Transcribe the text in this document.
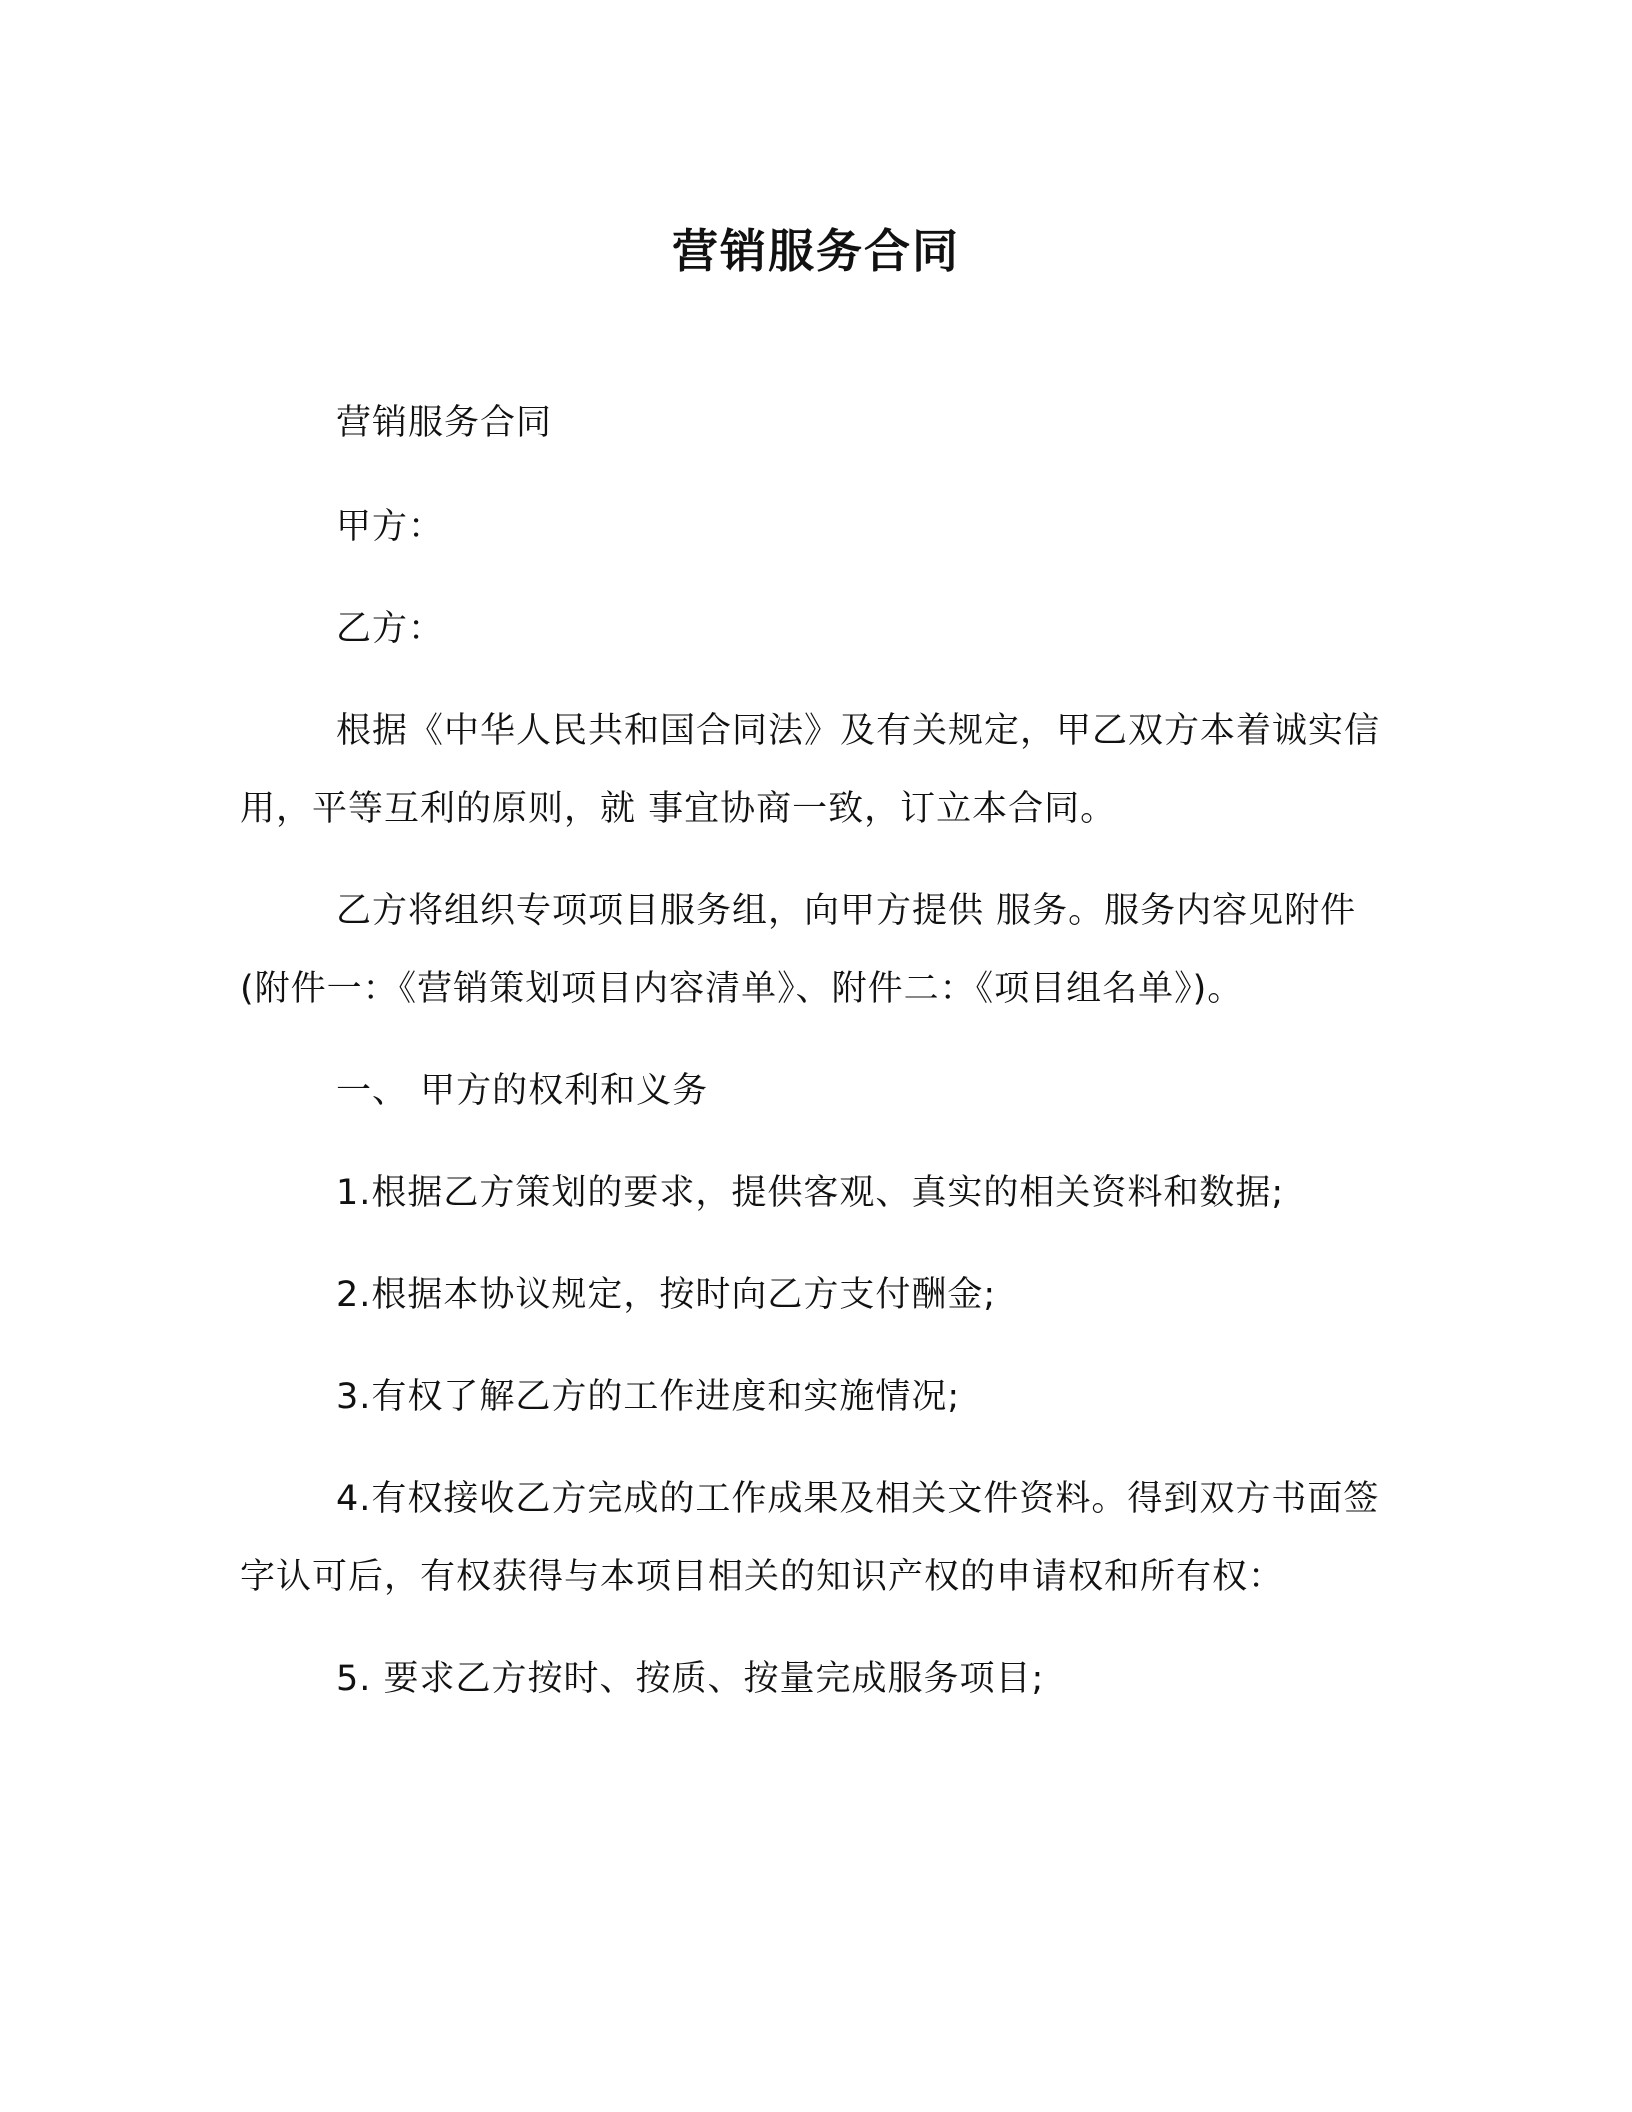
营销服务合同

营销服务合同

甲方：

乙方：

根据《中华人民共和国合同法》及有关规定，甲乙双方本着诚实信用，平等互利的原则，就 事宜协商一致，订立本合同。

乙方将组织专项项目服务组，向甲方提供 服务。服务内容见附件(附件一：《营销策划项目内容清单》、附件二：《项目组名单》)。

一、 甲方的权利和义务

1.根据乙方策划的要求，提供客观、真实的相关资料和数据;

2.根据本协议规定，按时向乙方支付酬金;

3.有权了解乙方的工作进度和实施情况;

4.有权接收乙方完成的工作成果及相关文件资料。得到双方书面签字认可后，有权获得与本项目相关的知识产权的申请权和所有权：

5. 要求乙方按时、按质、按量完成服务项目;
